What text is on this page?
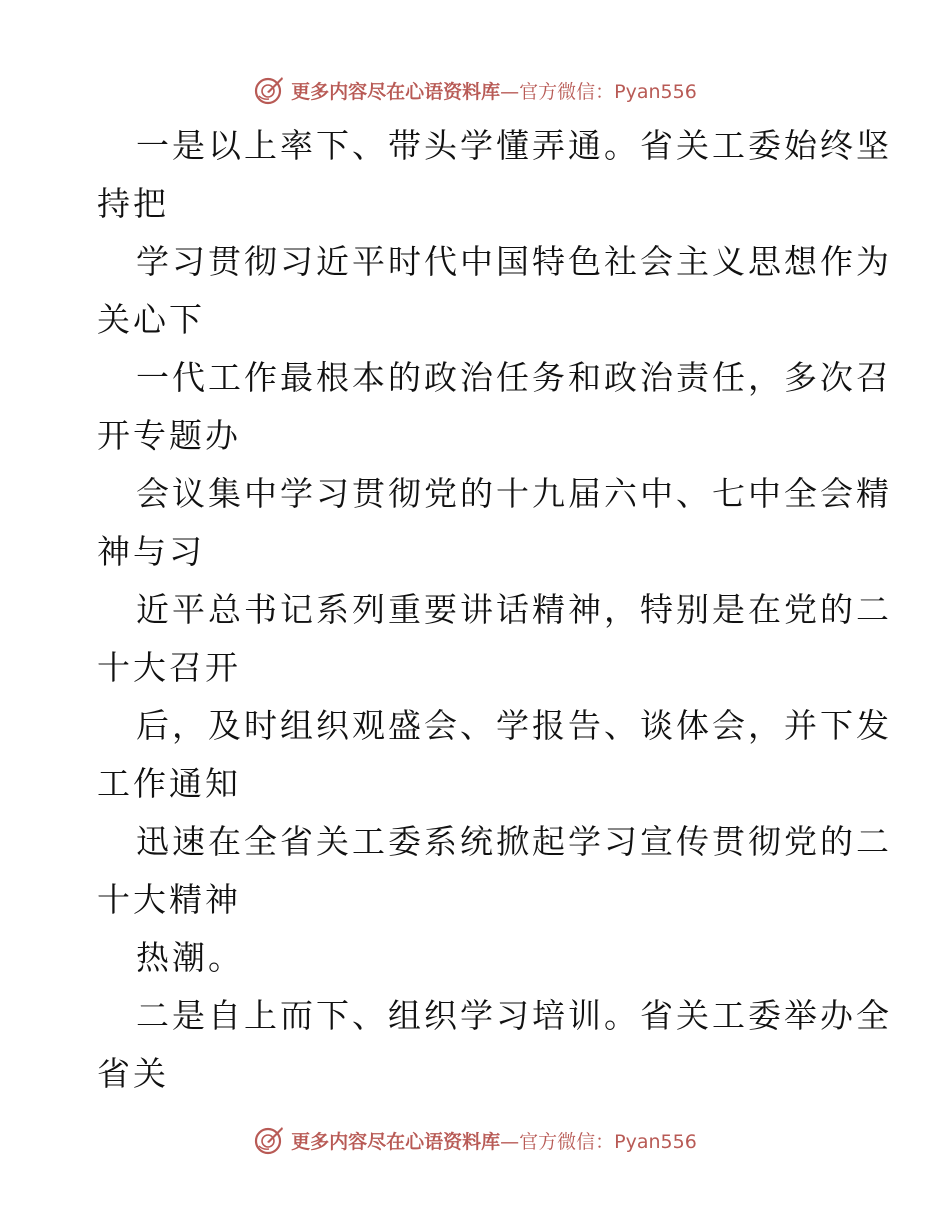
更多内容尽在心语资料库—官方微信：Pyan556
一是以上率下、带头学懂弄通。省关工委始终坚
持把
学习贯彻习近平时代中国特色社会主义思想作为
关心下
一代工作最根本的政治任务和政治责任，多次召
开专题办
会议集中学习贯彻党的十九届六中、七中全会精
神与习
近平总书记系列重要讲话精神，特别是在党的二
十大召开
后，及时组织观盛会、学报告、谈体会，并下发
工作通知
迅速在全省关工委系统掀起学习宣传贯彻党的二
十大精神
热潮。
二是自上而下、组织学习培训。省关工委举办全
省关
更多内容尽在心语资料库—官方微信：Pyan556
